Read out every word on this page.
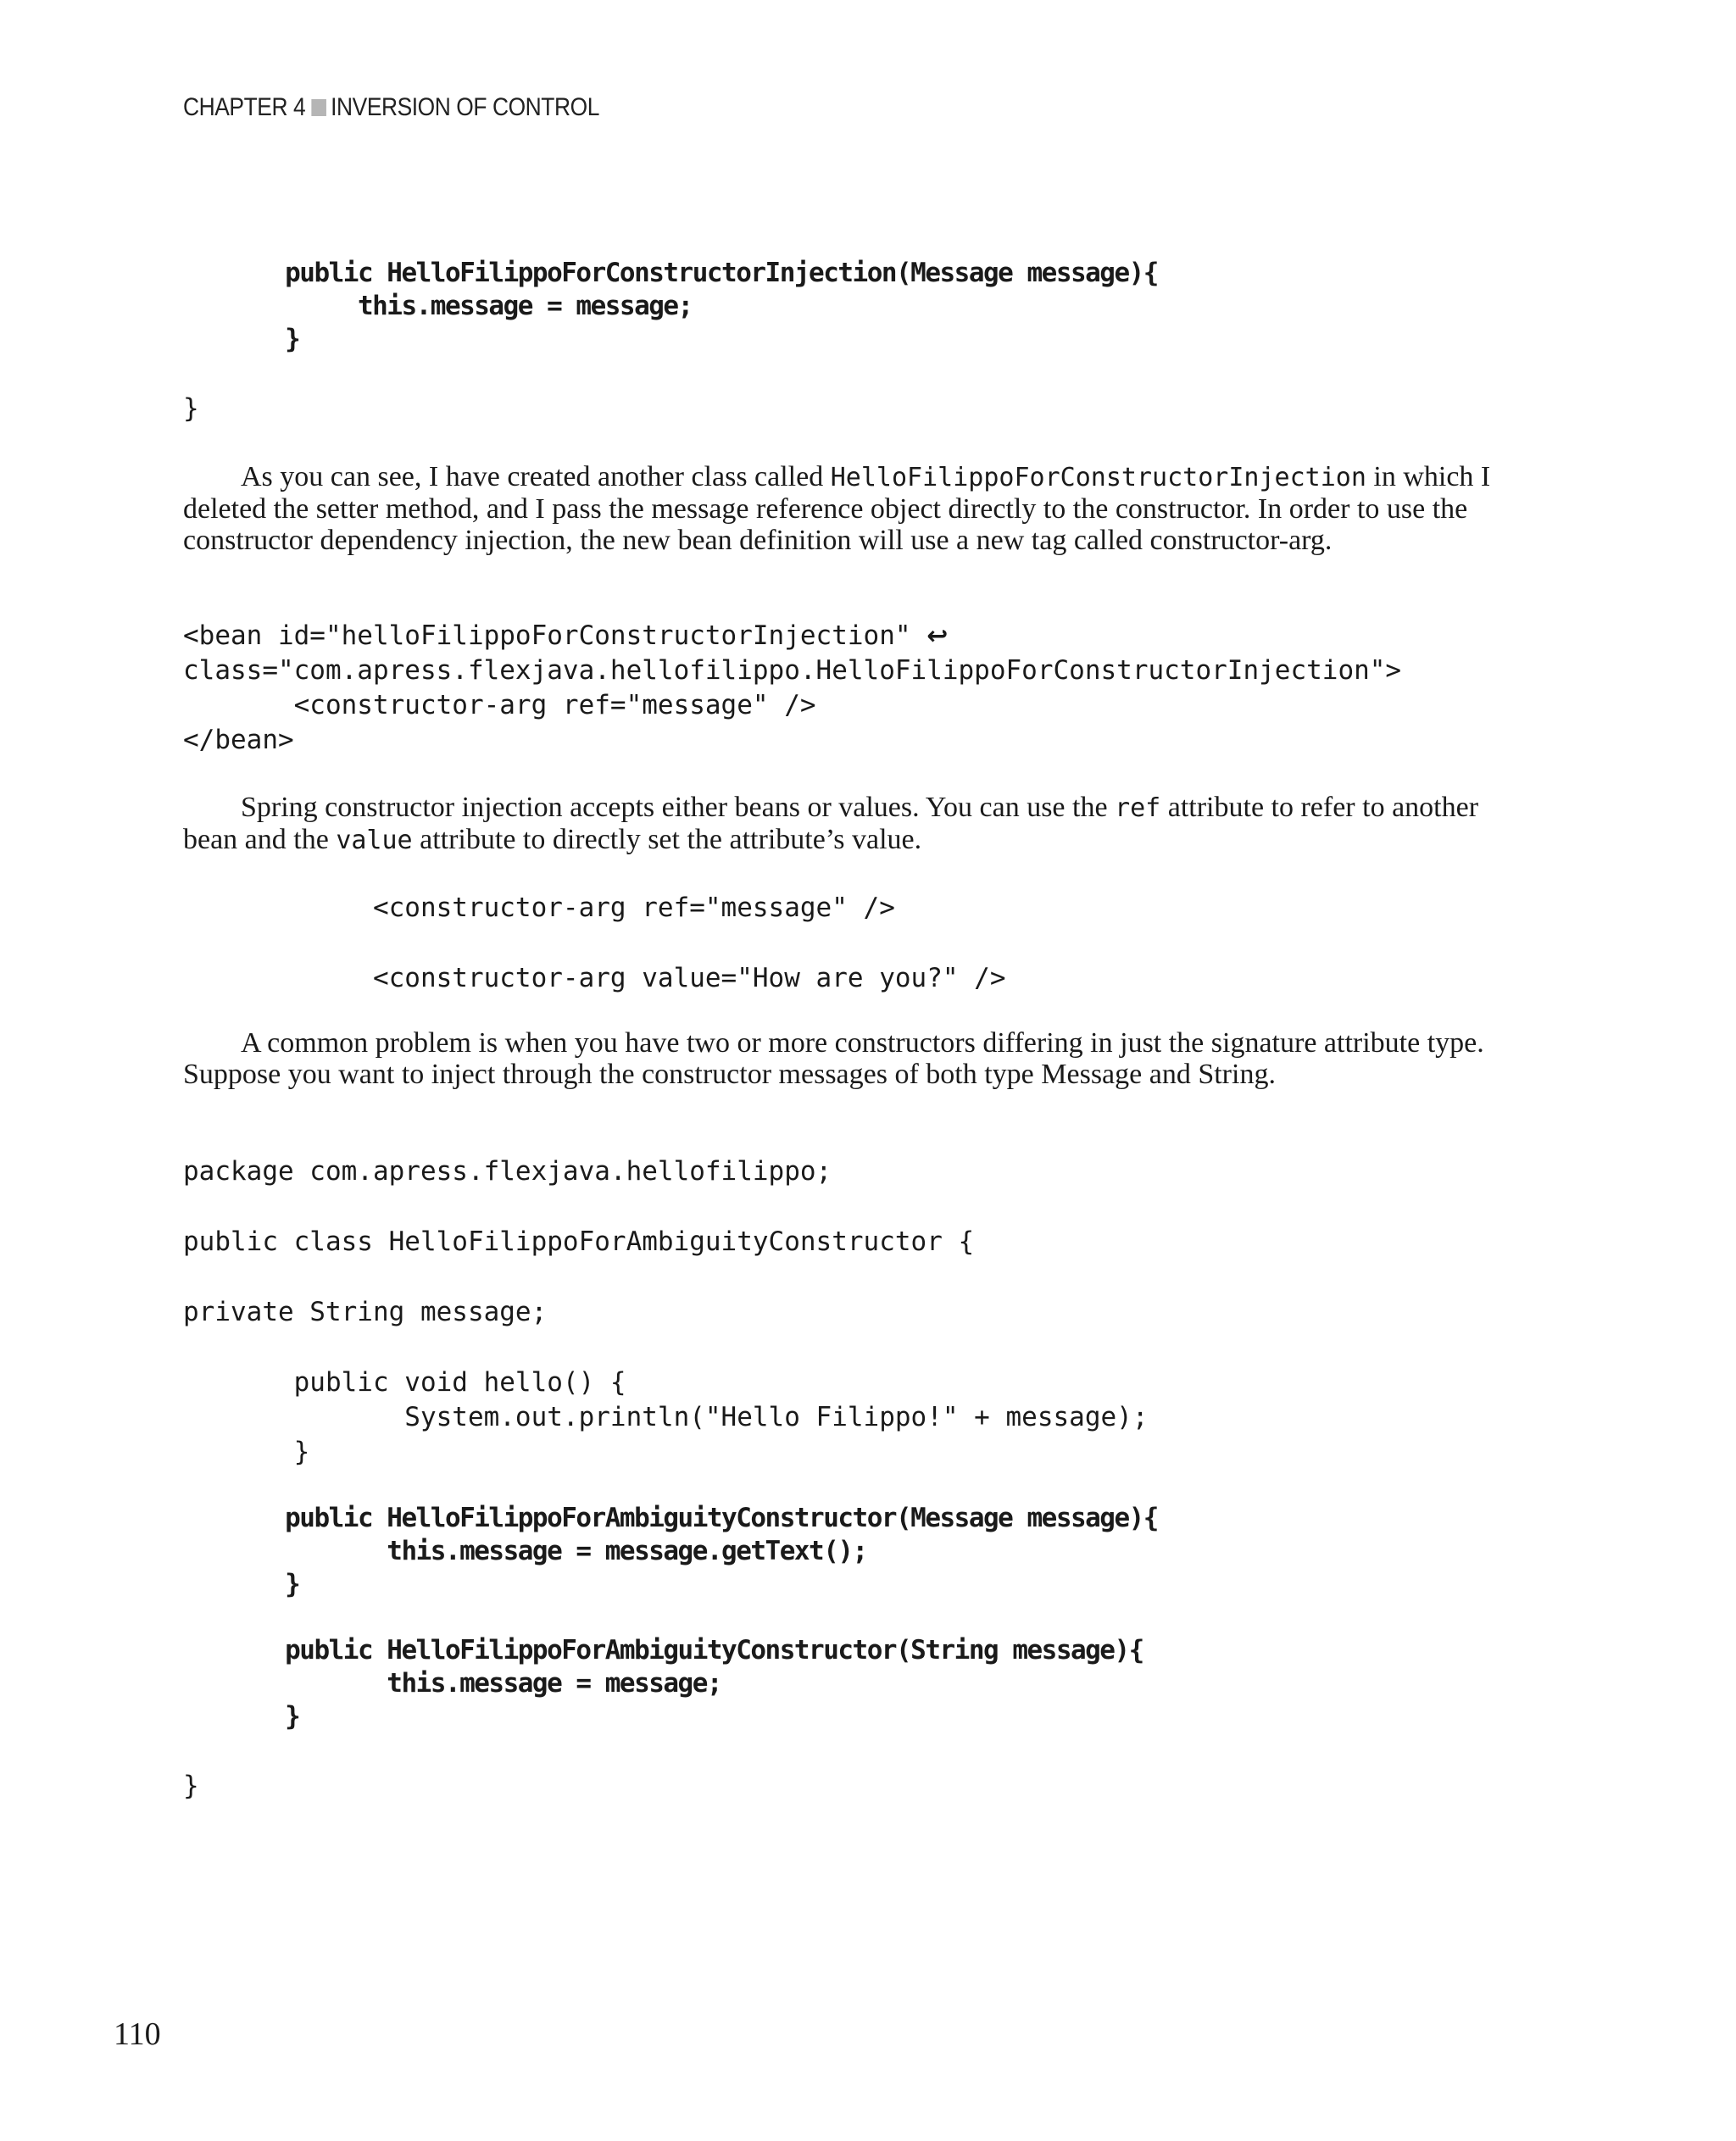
CHAPTER 4 INVERSION OF CONTROL
public HelloFilippoForConstructorInjection(Message message){
this.message = message;
}
}

As you can see, I have created another class called HelloFilippoForConstructorInjection in which I deleted the setter method, and I pass the message reference object directly to the constructor. In order to use the constructor dependency injection, the new bean definition will use a new tag called constructor-arg.

<bean id="helloFilippoForConstructorInjection" ↩
class="com.apress.flexjava.hellofilippo.HelloFilippoForConstructorInjection">
<constructor-arg ref="message" />
</bean>

Spring constructor injection accepts either beans or values. You can use the ref attribute to refer to another bean and the value attribute to directly set the attribute’s value.

<constructor-arg ref="message" />
<constructor-arg value="How are you?" />

A common problem is when you have two or more constructors differing in just the signature attribute type. Suppose you want to inject through the constructor messages of both type Message and String.

package com.apress.flexjava.hellofilippo;
public class HelloFilippoForAmbiguityConstructor {
private String message;
public void hello() {
System.out.println("Hello Filippo!" + message);
}
public HelloFilippoForAmbiguityConstructor(Message message){
this.message = message.getText();
}
public HelloFilippoForAmbiguityConstructor(String message){
this.message = message;
}
}
110
